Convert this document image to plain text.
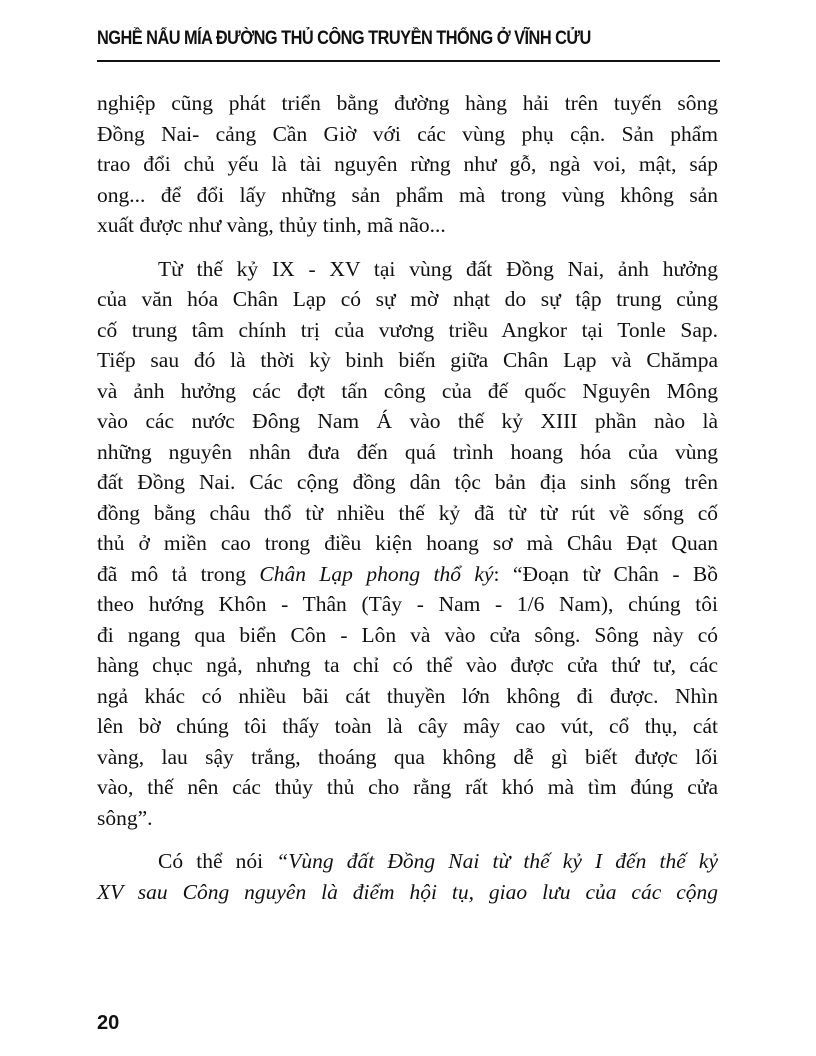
NGHỀ NẤU MÍA ĐƯỜNG THỦ CÔNG TRUYỀN THỐNG Ở VĨNH CỬU
nghiệp cũng phát triển bằng đường hàng hải trên tuyến sông
Đồng Nai- cảng Cần Giờ với các vùng phụ cận. Sản phẩm
trao đổi chủ yếu là tài nguyên rừng như gỗ, ngà voi, mật, sáp
ong... để đổi lấy những sản phẩm mà trong vùng không sản
xuất được như vàng, thủy tinh, mã não...
Từ thế kỷ IX - XV tại vùng đất Đồng Nai, ảnh hưởng
của văn hóa Chân Lạp có sự mờ nhạt do sự tập trung củng
cố trung tâm chính trị của vương triều Angkor tại Tonle Sap.
Tiếp sau đó là thời kỳ binh biến giữa Chân Lạp và Chămpa
và ảnh hưởng các đợt tấn công của đế quốc Nguyên Mông
vào các nước Đông Nam Á vào thế kỷ XIII phần nào là
những nguyên nhân đưa đến quá trình hoang hóa của vùng
đất Đồng Nai. Các cộng đồng dân tộc bản địa sinh sống trên
đồng bằng châu thổ từ nhiều thế kỷ đã từ từ rút về sống cố
thủ ở miền cao trong điều kiện hoang sơ mà Châu Đạt Quan
đã mô tả trong Chân Lạp phong thổ ký: “Đoạn từ Chân - Bồ
theo hướng Khôn - Thân (Tây - Nam - 1/6 Nam), chúng tôi
đi ngang qua biển Côn - Lôn và vào cửa sông. Sông này có
hàng chục ngả, nhưng ta chỉ có thể vào được cửa thứ tư, các
ngả khác có nhiều bãi cát thuyền lớn không đi được. Nhìn
lên bờ chúng tôi thấy toàn là cây mây cao vút, cổ thụ, cát
vàng, lau sậy trắng, thoáng qua không dễ gì biết được lối
vào, thế nên các thủy thủ cho rằng rất khó mà tìm đúng cửa
sông”.
Có thể nói “Vùng đất Đồng Nai từ thế kỷ I đến thế kỷ
XV sau Công nguyên là điểm hội tụ, giao lưu của các cộng
20
